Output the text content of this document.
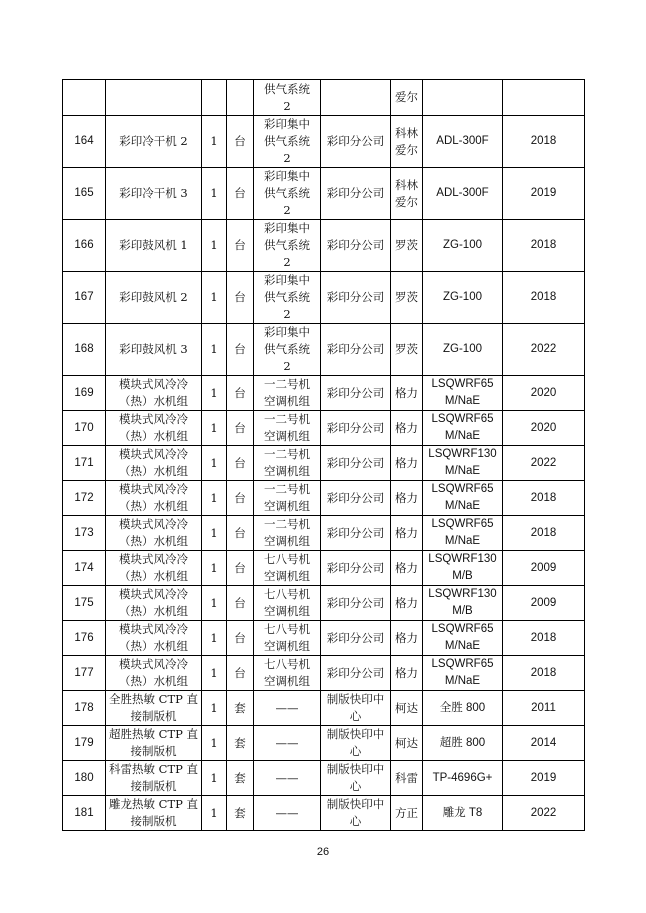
				供气系统
2		爱尔		

164	彩印冷干机 2	1	台	彩印集中
供气系统
2	彩印分公司	科林
爱尔	ADL-300F	2018
165	彩印冷干机 3	1	台	彩印集中
供气系统
2	彩印分公司	科林
爱尔	ADL-300F	2019
166	彩印鼓风机 1	1	台	彩印集中
供气系统
2	彩印分公司	罗茨	ZG-100	2018
167	彩印鼓风机 2	1	台	彩印集中
供气系统
2	彩印分公司	罗茨	ZG-100	2018
168	彩印鼓风机 3	1	台	彩印集中
供气系统
2	彩印分公司	罗茨	ZG-100	2022
169	模块式风冷冷
（热）水机组	1	台	一二号机
空调机组	彩印分公司	格力	LSQWRF65
M/NaE	2020
170	模块式风冷冷
（热）水机组	1	台	一二号机
空调机组	彩印分公司	格力	LSQWRF65
M/NaE	2020
171	模块式风冷冷
（热）水机组	1	台	一二号机
空调机组	彩印分公司	格力	LSQWRF130
M/NaE	2022
172	模块式风冷冷
（热）水机组	1	台	一二号机
空调机组	彩印分公司	格力	LSQWRF65
M/NaE	2018
173	模块式风冷冷
（热）水机组	1	台	一二号机
空调机组	彩印分公司	格力	LSQWRF65
M/NaE	2018
174	模块式风冷冷
（热）水机组	1	台	七八号机
空调机组	彩印分公司	格力	LSQWRF130
M/B	2009
175	模块式风冷冷
（热）水机组	1	台	七八号机
空调机组	彩印分公司	格力	LSQWRF130
M/B	2009
176	模块式风冷冷
（热）水机组	1	台	七八号机
空调机组	彩印分公司	格力	LSQWRF65
M/NaE	2018
177	模块式风冷冷
（热）水机组	1	台	七八号机
空调机组	彩印分公司	格力	LSQWRF65
M/NaE	2018
178	全胜热敏 CTP 直
接制版机	1	套	——	制版快印中
心	柯达	全胜 800	2011
179	超胜热敏 CTP 直
接制版机	1	套	——	制版快印中
心	柯达	超胜 800	2014
180	科雷热敏 CTP 直
接制版机	1	套	——	制版快印中
心	科雷	TP-4696G+	2019
181	雕龙热敏 CTP 直
接制版机	1	套	——	制版快印中
心	方正	雕龙 T8	2022
26
